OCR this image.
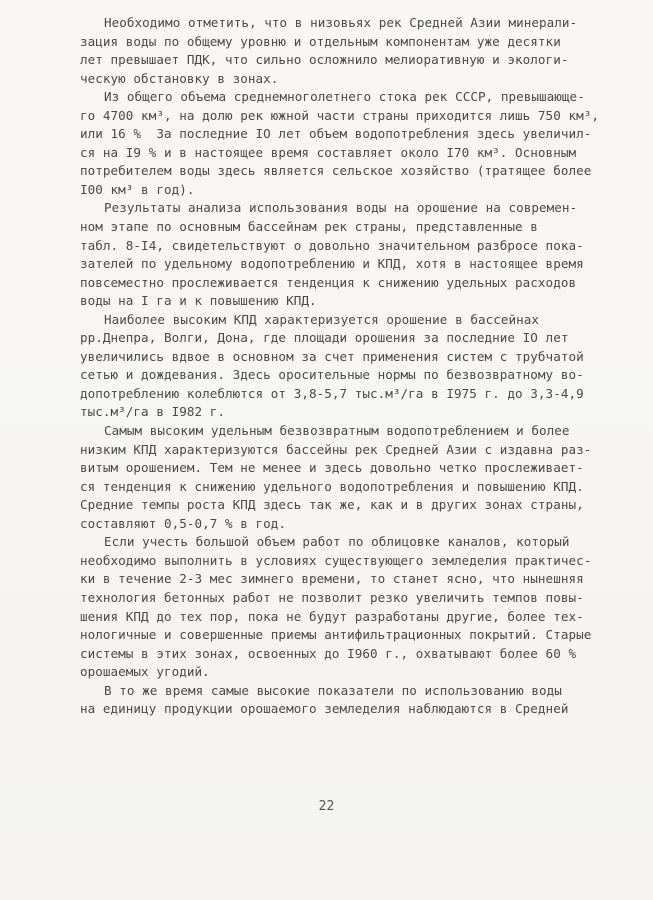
Необходимо отметить, что в низовьях рек Средней Азии минерали-
зация воды по общему уровню и отдельным компонентам уже десятки
лет превышает ПДК, что сильно осложнило мелиоративную и экологи-
ческую обстановку в зонах.
Из общего объема среднемноголетнего стока рек СССР, превышающе-
го 4700 км³, на долю рек южной части страны приходится лишь 750 км³,
или 16 %  За последние IO лет объем водопотребления здесь увеличил-
ся на I9 % и в настоящее время составляет около I70 км³. Основным
потребителем воды здесь является сельское хозяйство (тратящее более
I00 км³ в год).
Результаты анализа использования воды на орошение на современ-
ном этапе по основным бассейнам рек страны, представленные в
табл. 8-I4, свидетельствуют о довольно значительном разбросе пока-
зателей по удельному водопотреблению и КПД, хотя в настоящее время
повсеместно прослеживается тенденция к снижению удельных расходов
воды на I га и к повышению КПД.
Наиболее высоким КПД характеризуется орошение в бассейнах
рр.Днепра, Волги, Дона, где площади орошения за последние IO лет
увеличились вдвое в основном за счет применения систем с трубчатой
сетью и дождевания. Здесь оросительные нормы по безвозвратному во-
допотреблению колеблются от 3,8-5,7 тыс.м³/га в I975 г. до 3,3-4,9
тыс.м³/га в I982 г.
Самым высоким удельным безвозвратным водопотреблением и более
низким КПД характеризуются бассейны рек Средней Азии с издавна раз-
витым орошением. Тем не менее и здесь довольно четко прослеживает-
ся тенденция к снижению удельного водопотребления и повышению КПД.
Средние темпы роста КПД здесь так же, как и в других зонах страны,
составляют 0,5-0,7 % в год.
Если учесть большой объем работ по облицовке каналов, который
необходимо выполнить в условиях существующего земледелия практичес-
ки в течение 2-3 мес зимнего времени, то станет ясно, что нынешняя
технология бетонных работ не позволит резко увеличить темпов повы-
шения КПД до тех пор, пока не будут разработаны другие, более тех-
нологичные и совершенные приемы антифильтрационных покрытий. Старые
системы в этих зонах, освоенных до I960 г., охватывают более 60 %
орошаемых угодий.
В то же время самые высокие показатели по использованию воды
на единицу продукции орошаемого земледелия наблюдаются в Средней
22
